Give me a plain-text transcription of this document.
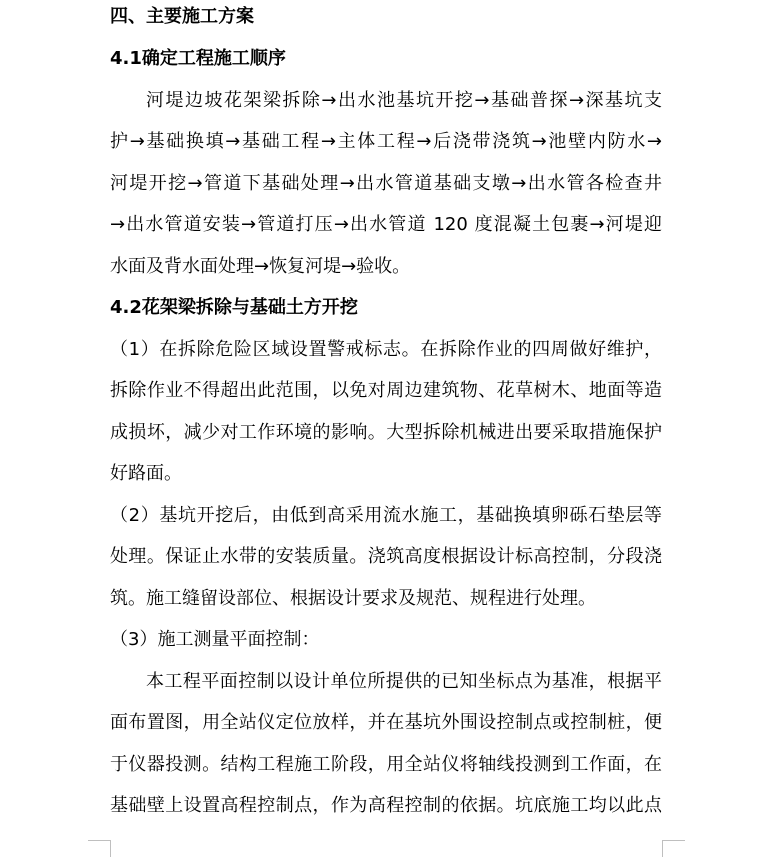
四、主要施工方案
4.1确定工程施工顺序
河堤边坡花架梁拆除→出水池基坑开挖→基础普探→深基坑支
护→基础换填→基础工程→主体工程→后浇带浇筑→池壁内防水→
河堤开挖→管道下基础处理→出水管道基础支墩→出水管各检查井
→出水管道安装→管道打压→出水管道 120 度混凝土包裹→河堤迎
水面及背水面处理→恢复河堤→验收。
4.2花架梁拆除与基础土方开挖
（1）在拆除危险区域设置警戒标志。在拆除作业的四周做好维护，
拆除作业不得超出此范围，以免对周边建筑物、花草树木、地面等造
成损坏，减少对工作环境的影响。大型拆除机械进出要采取措施保护
好路面。
（2）基坑开挖后，由低到高采用流水施工，基础换填卵砾石垫层等
处理。保证止水带的安装质量。浇筑高度根据设计标高控制，分段浇
筑。施工缝留设部位、根据设计要求及规范、规程进行处理。
（3）施工测量平面控制：
本工程平面控制以设计单位所提供的已知坐标点为基准，根据平
面布置图，用全站仪定位放样，并在基坑外围设控制点或控制桩，便
于仪器投测。结构工程施工阶段，用全站仪将轴线投测到工作面，在
基础壁上设置高程控制点，作为高程控制的依据。坑底施工均以此点
